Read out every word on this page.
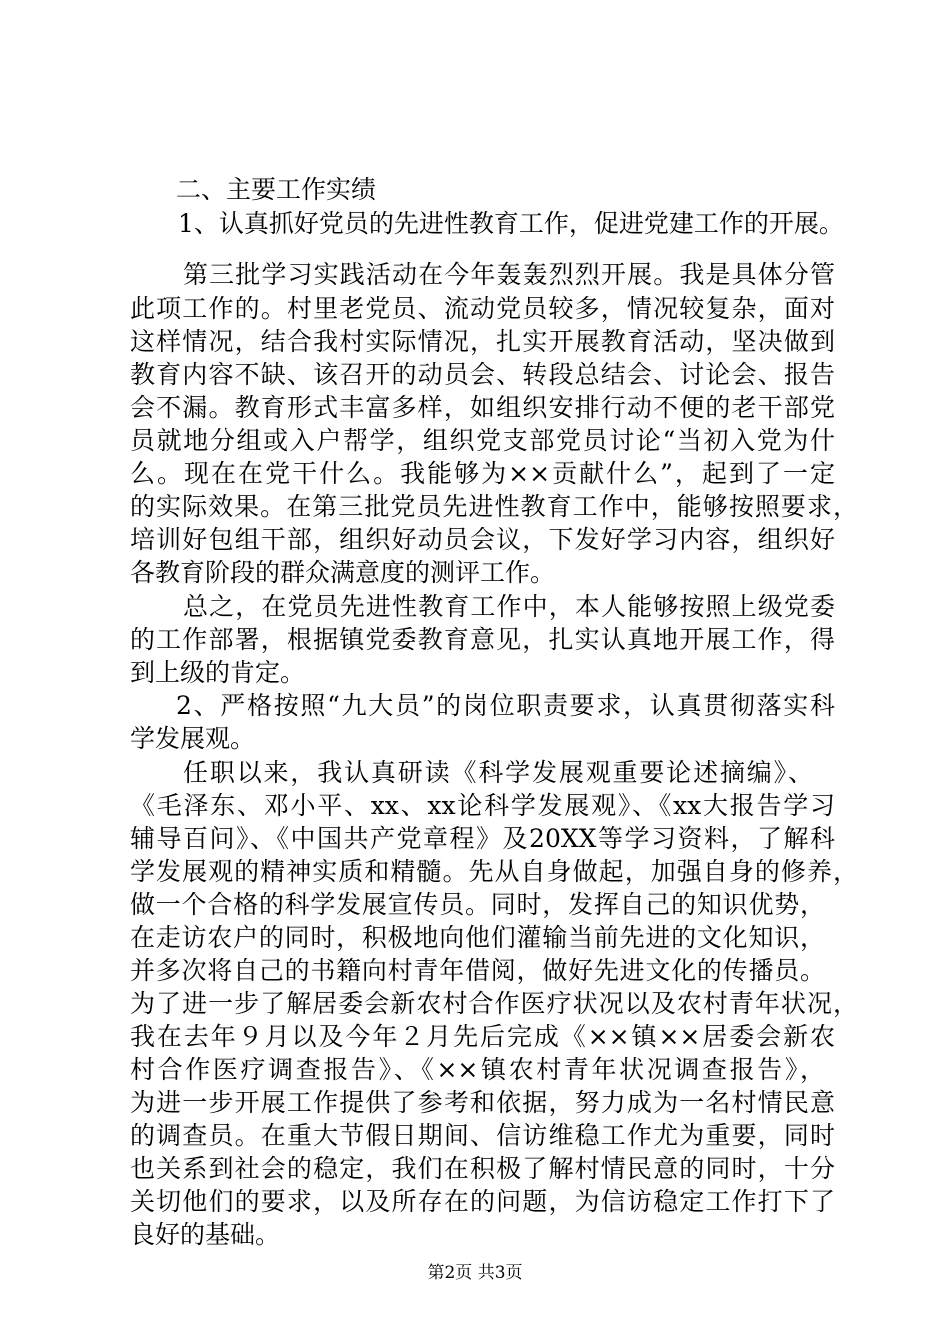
二、主要工作实绩
1、认真抓好党员的先进性教育工作，促进党建工作的开展。
第三批学习实践活动在今年轰轰烈烈开展。我是具体分管
此项工作的。村里老党员、流动党员较多，情况较复杂，面对
这样情况，结合我村实际情况，扎实开展教育活动，坚决做到
教育内容不缺、该召开的动员会、转段总结会、讨论会、报告
会不漏。教育形式丰富多样，如组织安排行动不便的老干部党
员就地分组或入户帮学，组织党支部党员讨论“当初入党为什
么。现在在党干什么。我能够为××贡献什么”，起到了一定
的实际效果。在第三批党员先进性教育工作中，能够按照要求，
培训好包组干部，组织好动员会议，下发好学习内容，组织好
各教育阶段的群众满意度的测评工作。
总之，在党员先进性教育工作中，本人能够按照上级党委
的工作部署，根据镇党委教育意见，扎实认真地开展工作，得
到上级的肯定。
2、严格按照“九大员”的岗位职责要求，认真贯彻落实科
学发展观。
任职以来，我认真研读《科学发展观重要论述摘编》、
《毛泽东、邓小平、xx、xx论科学发展观》、《xx大报告学习
辅导百问》、《中国共产党章程》及20XX等学习资料，了解科
学发展观的精神实质和精髓。先从自身做起，加强自身的修养，
做一个合格的科学发展宣传员。同时，发挥自己的知识优势，
在走访农户的同时，积极地向他们灌输当前先进的文化知识，
并多次将自己的书籍向村青年借阅，做好先进文化的传播员。
为了进一步了解居委会新农村合作医疗状况以及农村青年状况，
我在去年９月以及今年２月先后完成《××镇××居委会新农
村合作医疗调查报告》、《××镇农村青年状况调查报告》，
为进一步开展工作提供了参考和依据，努力成为一名村情民意
的调查员。在重大节假日期间、信访维稳工作尤为重要，同时
也关系到社会的稳定，我们在积极了解村情民意的同时，十分
关切他们的要求，以及所存在的问题，为信访稳定工作打下了
良好的基础。
第2页 共3页
